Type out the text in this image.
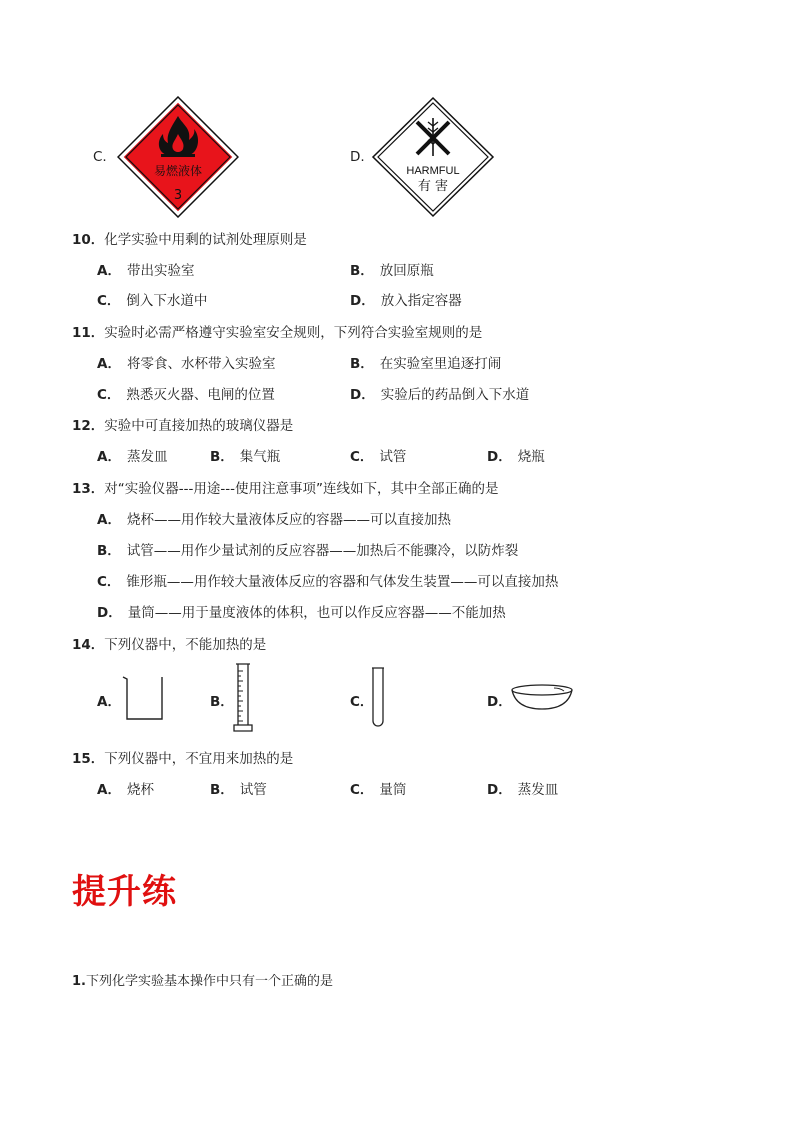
C.
易燃液体
3
D.
HARMFUL
有 害
10．化学实验中用剩的试剂处理原则是
A． 带出实验室	B． 放回原瓶
C． 倒入下水道中	D． 放入指定容器
11．实验时必需严格遵守实验室安全规则，下列符合实验室规则的是
A． 将零食、水杯带入实验室	B． 在实验室里追逐打闹
C． 熟悉灭火器、电闸的位置	D． 实验后的药品倒入下水道
12．实验中可直接加热的玻璃仪器是
A． 蒸发皿	B． 集气瓶	C． 试管	D． 烧瓶
13．对“实验仪器---用途---使用注意事项”连线如下，其中全部正确的是
A． 烧杯——用作较大量液体反应的容器——可以直接加热
B． 试管——用作少量试剂的反应容器——加热后不能骤冷，以防炸裂
C． 锥形瓶——用作较大量液体反应的容器和气体发生装置——可以直接加热
D． 量筒——用于量度液体的体积，也可以作反应容器——不能加热
14．下列仪器中，不能加热的是
A．	B．	C．	D．
15．下列仪器中，不宜用来加热的是
A． 烧杯	B． 试管	C． 量筒	D． 蒸发皿
提升练
1.下列化学实验基本操作中只有一个正确的是
